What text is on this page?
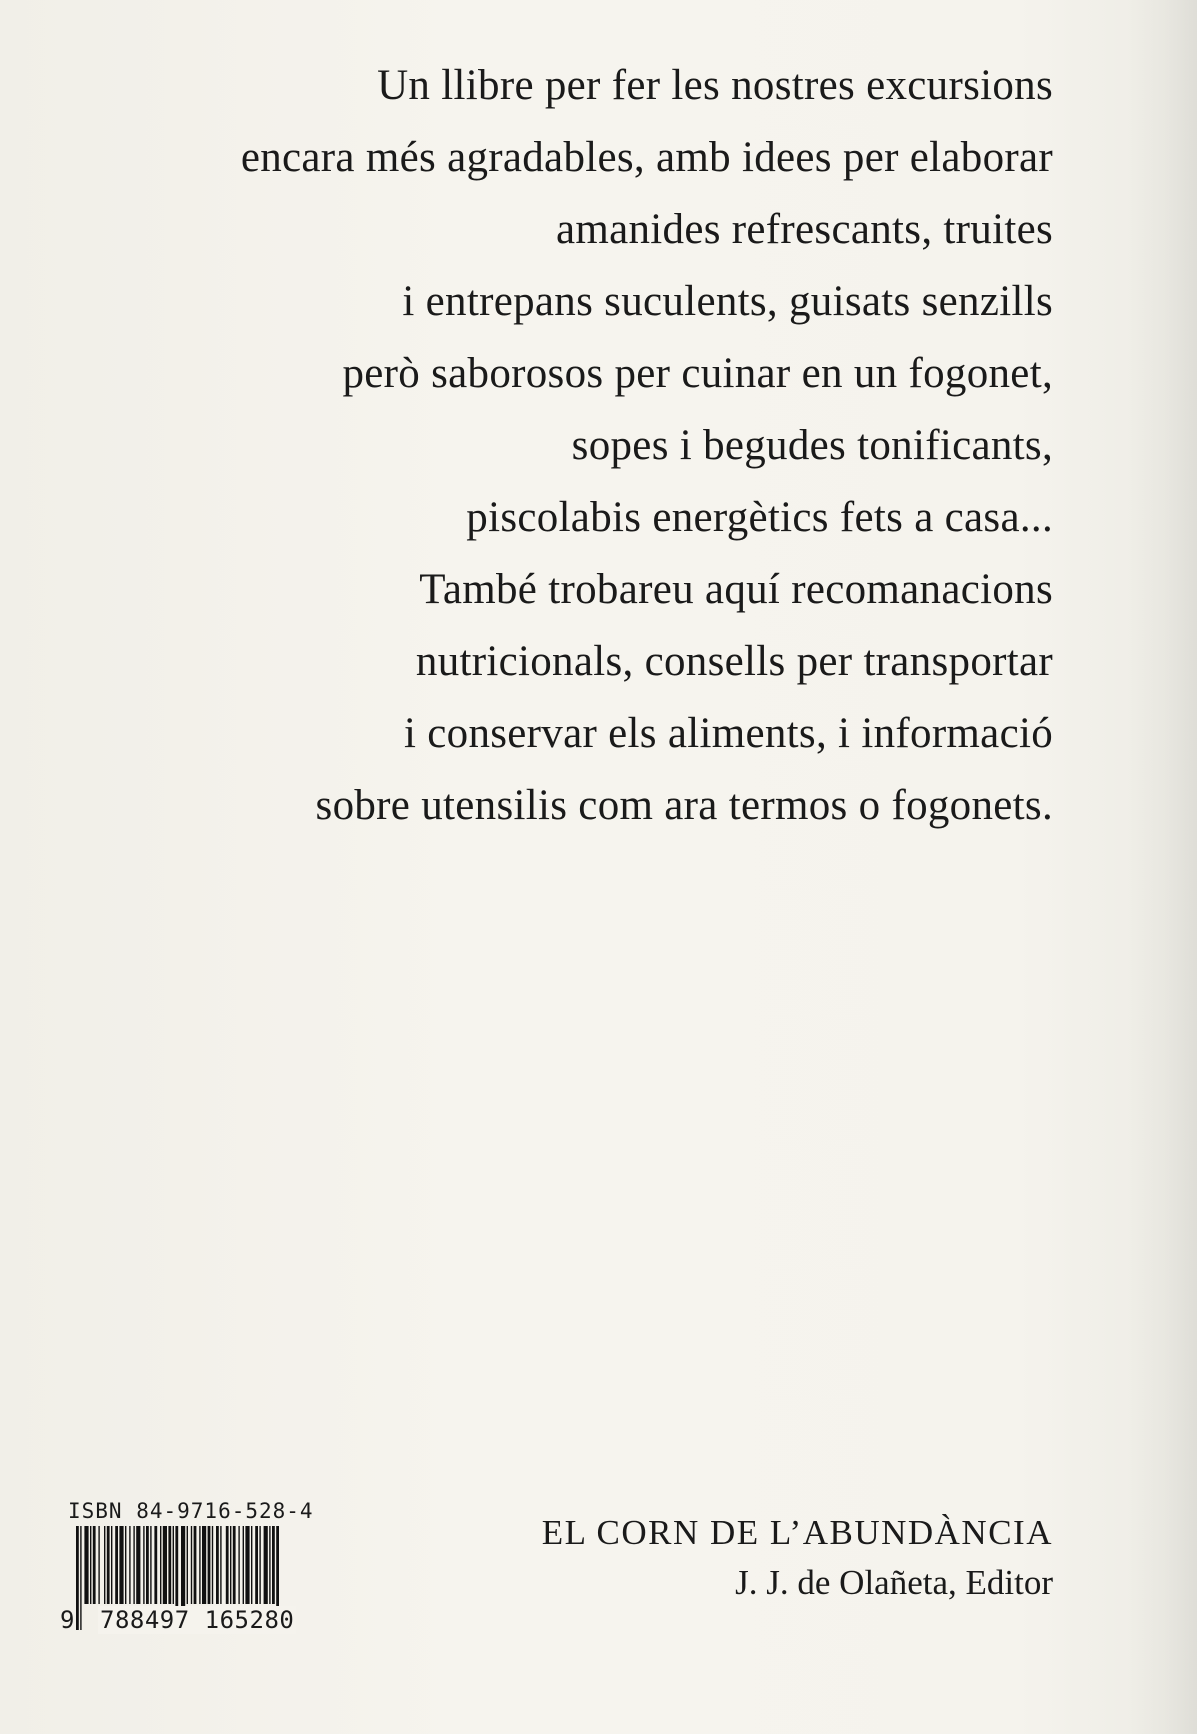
Un llibre per fer les nostres excursions
encara més agradables, amb idees per elaborar
amanides refrescants, truites
i entrepans suculents, guisats senzills
però saborosos per cuinar en un fogonet,
sopes i begudes tonificants,
piscolabis energètics fets a casa...
També trobareu aquí recomanacions
nutricionals, consells per transportar
i conservar els aliments, i informació
sobre utensilis com ara termos o fogonets.
ISBN 84-9716-528-4
9 788497 165280
EL CORN DE L’ABUNDÀNCIA
J. J. de Olañeta, Editor
